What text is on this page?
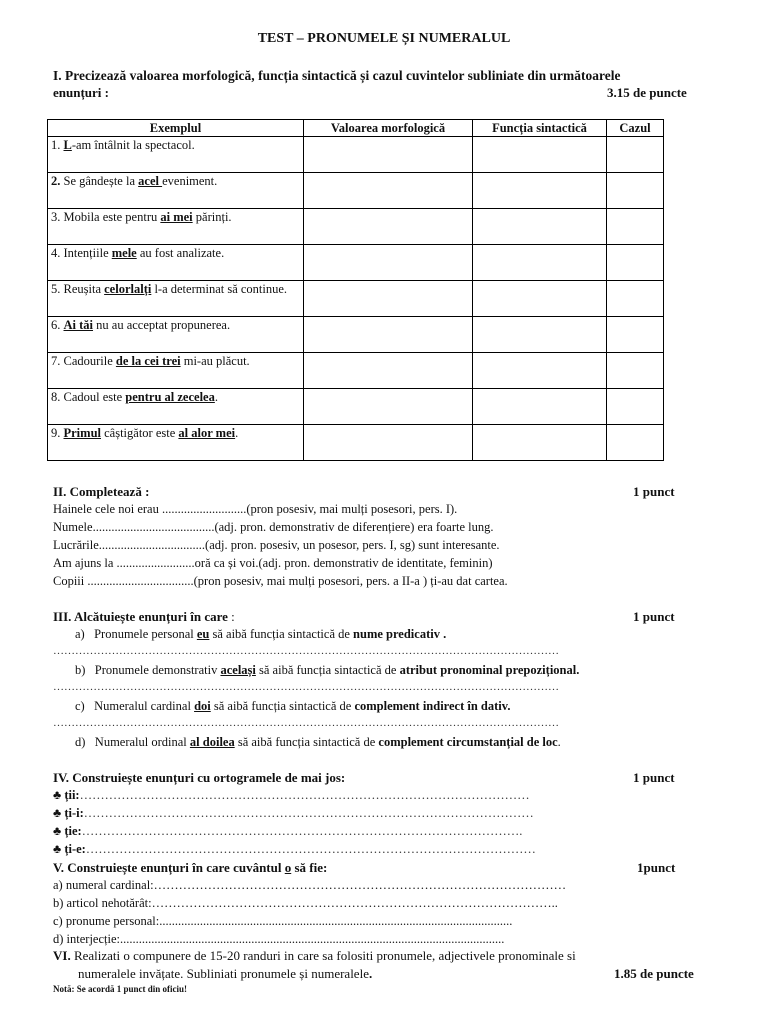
TEST – PRONUMELE ȘI NUMERALUL
I. Precizează valoarea morfologică, funcția sintactică și cazul cuvintelor subliniate din următoarele
enunțuri :	3.15 de puncte
Exemplul	Valoarea morfologică	Funcția sintactică	Cazul
1. L-am întâlnit la spectacol.			
2. Se gândește la acel eveniment.			
3. Mobila este pentru ai mei părinți.			
4. Intențiile mele au fost analizate.			
5. Reușita celorlalți l-a determinat să continue.			
6. Ai tăi nu au acceptat propunerea.			
7. Cadourile de la cei trei mi-au plăcut.			
8. Cadoul este pentru al zecelea.			
9. Primul câștigător este al alor mei.			
II. Completează :	1 punct
Hainele cele noi erau ...........................(pron posesiv, mai mulți posesori, pers. I).
Numele.......................................(adj. pron. demonstrativ de diferențiere) era foarte lung.
Lucrările..................................(adj. pron. posesiv, un posesor, pers. I, sg) sunt interesante.
Am ajuns la .........................oră ca și voi.(adj. pron. demonstrativ de identitate, feminin)
Copiii ..................................(pron posesiv, mai mulți posesori, pers. a II-a ) ți-au dat cartea.
III. Alcătuiește enunțuri în care :	1 punct
a) Pronumele personal eu să aibă funcția sintactică de nume predicativ .
…………………………………………………………………………………………………………………………
b) Pronumele demonstrativ același să aibă funcția sintactică de atribut pronominal prepozițional.
…………………………………………………………………………………………………………………………
c) Numeralul cardinal doi să aibă funcția sintactică de complement indirect în dativ.
…………………………………………………………………………………………………………………………
d) Numeralul ordinal al doilea să aibă funcția sintactică de complement circumstanțial de loc.
IV. Construiește enunțuri cu ortogramele de mai jos:	1 punct
♣ ții:………………………………………………………………………………………………
♣ ți-i:………………………………………………………………………………………………
♣ ție:…………………………………………………………………………………………….
♣ ți-e:………………………………………………………………………………………………
V. Construiește enunțuri în care cuvântul o să fie:	1punct
a) numeral cardinal:………………………………………………………………………………………
b) articol nehotărât:……………………………………………………………………………………..
c) pronume personal:.................................................................................................................
d) interjecție:...........................................................................................................................
VI. Realizati o compunere de 15-20 randuri in care sa folositi pronumele, adjectivele pronominale si
numeralele invățate. Subliniati pronumele și numeralele.	1.85 de puncte
Notă: Se acordă 1 punct din oficiu!
